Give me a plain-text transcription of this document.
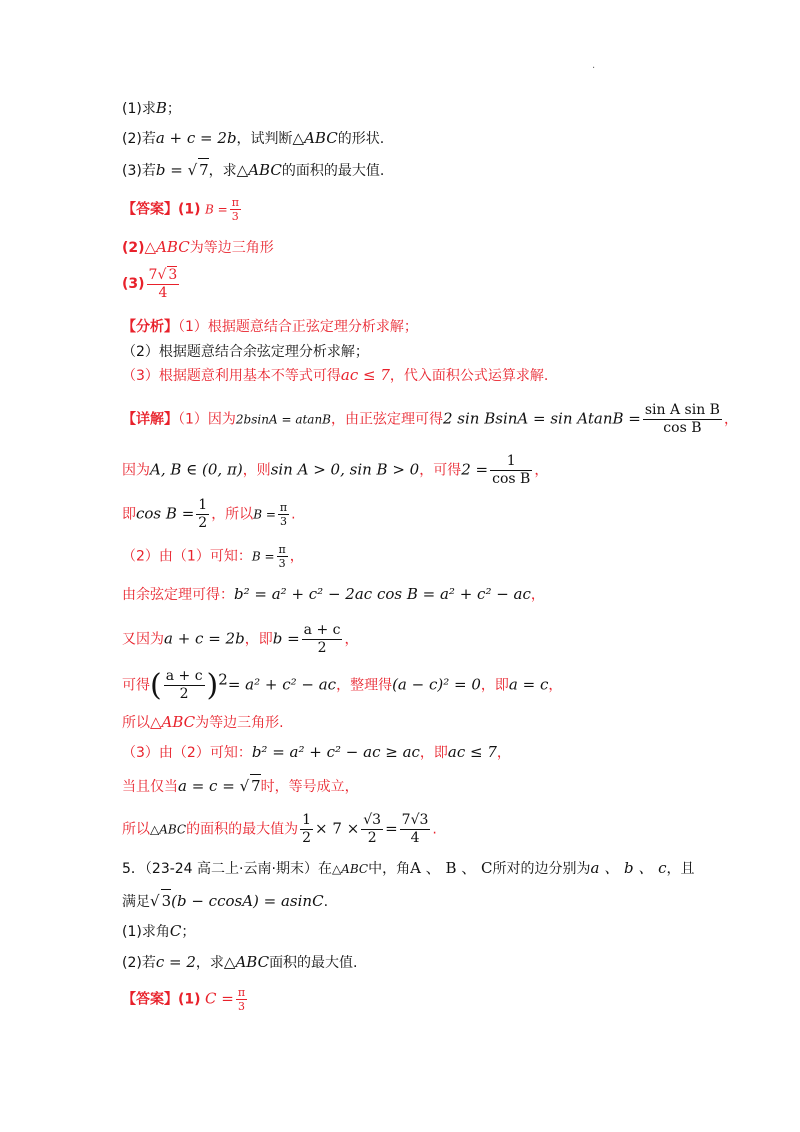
.
(1)求B；
(2)若a + c = 2b，试判断△ABC的形状.
(3)若b = √ 7，求△ABC的面积的最大值.
【答案】(1) $B = \frac{\pi}{3}$
(2)△ABC为等边三角形
$(3) \frac{7√ 3}{4}$
【分析】（1）根据题意结合正弦定理分析求解；
（2）根据题意结合余弦定理分析求解；
（3）根据题意利用基本不等式可得ac ≤ 7，代入面积公式运算求解.
【详解】（1）因为2bsinA = atanB，由正弦定理可得2 $\sin BsinA = \sin AtanB = \frac{\text{sin A sin B}}{\text{cos B}}$ ，
因为A, B ∈ (0, π)，则sin A > 0, sin B > 0，可得$2 = \frac{1}{\text{cos B}}$ ，
即$\cos B = \frac{1}{2}$ ，所以$B = \frac{\pi}{3}$ .
（2）由（1）可知：$B = \frac{\pi}{3}$ ，
由余弦定理可得：b² = a² + c² − 2ac cos B = a² + c² − ac，
又因为a + c = 2b，即$b = \frac{a + c}{2}$ ，
可得( $\frac{a + c}{2} )^2= a^2 + c^2$ − ac，整理得(a − c)² = 0，即a = c，
所以△ABC为等边三角形.
（3）由（2）可知：b² = a² + c² − ac ≥ ac，即ac ≤ 7，
当且仅当a = c = √ 7时，等号成立，
所以△ABC的面积的最大值为 $\frac{1}{2} \times 7 \times \frac{√3}{2} = \frac{7√3}{4}$ .
5．（23-24 高二上·云南·期末）在△ABC中，角A 、 B 、 C所对的边分别为a 、 b 、 c，且
满足√ 3(b − ccosA) = asinC.
(1)求角C；
(2)若c = 2，求△ABC面积的最大值.
【答案】(1) $C = \frac{\pi}{3}$
